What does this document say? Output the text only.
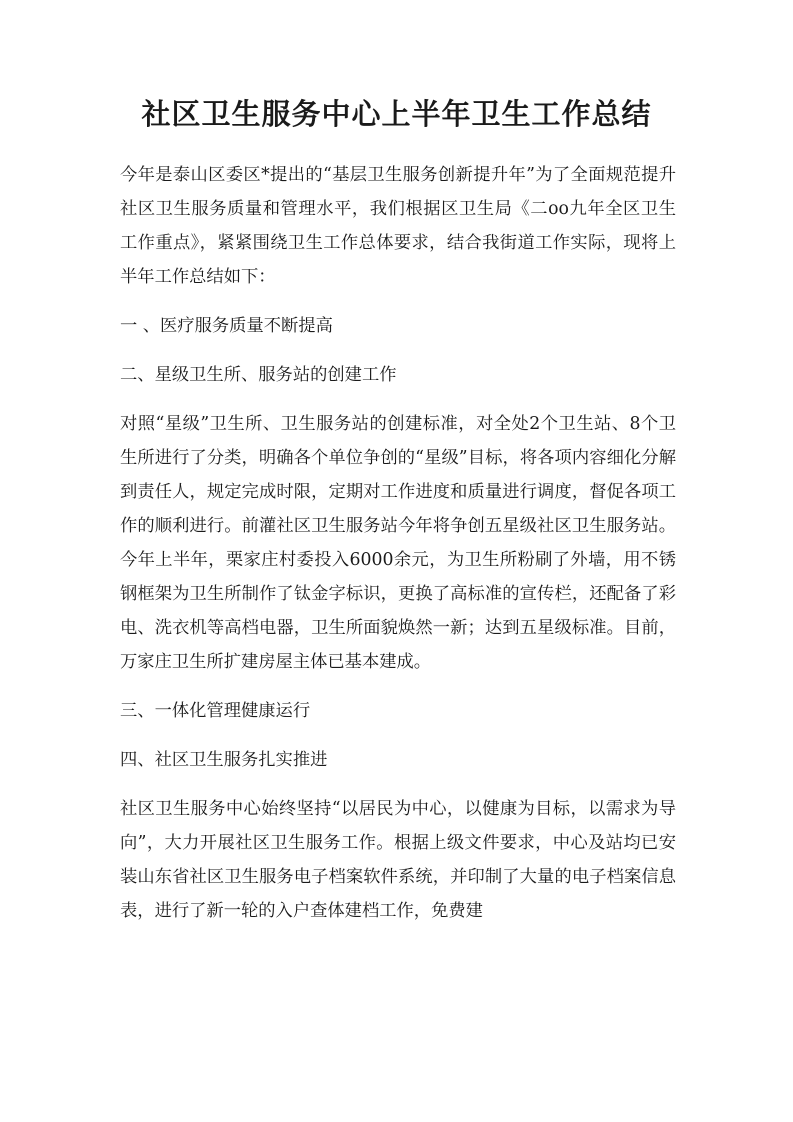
社区卫生服务中心上半年卫生工作总结

今年是泰山区委区*提出的“基层卫生服务创新提升年”为了全面规范提升社区卫生服务质量和管理水平，我们根据区卫生局《二oo九年全区卫生工作重点》，紧紧围绕卫生工作总体要求，结合我街道工作实际，现将上半年工作总结如下：

一 、医疗服务质量不断提高

二、星级卫生所、服务站的创建工作

对照“星级”卫生所、卫生服务站的创建标准，对全处2个卫生站、8个卫生所进行了分类，明确各个单位争创的“星级”目标，将各项内容细化分解到责任人，规定完成时限，定期对工作进度和质量进行调度，督促各项工作的顺利进行。前灌社区卫生服务站今年将争创五星级社区卫生服务站。今年上半年，栗家庄村委投入6000余元，为卫生所粉刷了外墙，用不锈钢框架为卫生所制作了钛金字标识，更换了高标准的宣传栏，还配备了彩电、洗衣机等高档电器，卫生所面貌焕然一新；达到五星级标准。目前，万家庄卫生所扩建房屋主体已基本建成。

三、一体化管理健康运行

四、社区卫生服务扎实推进

社区卫生服务中心始终坚持“以居民为中心，以健康为目标，以需求为导向”，大力开展社区卫生服务工作。根据上级文件要求，中心及站均已安装山东省社区卫生服务电子档案软件系统，并印制了大量的电子档案信息表，进行了新一轮的入户查体建档工作，免费建
